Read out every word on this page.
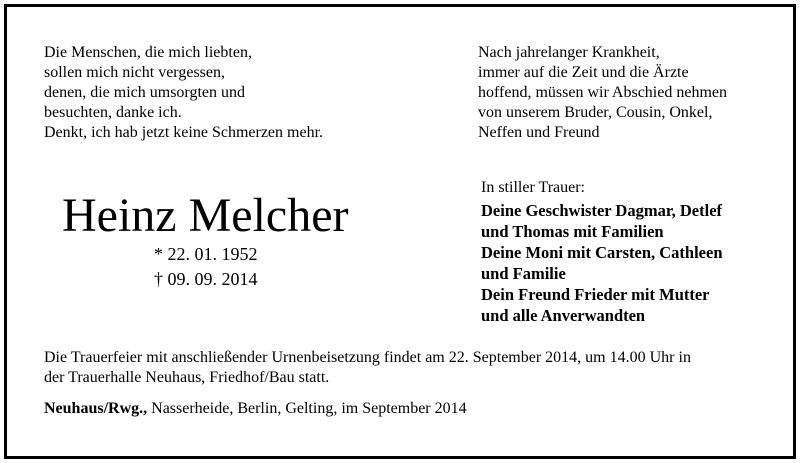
Die Menschen, die mich liebten,
sollen mich nicht vergessen,
denen, die mich umsorgten und
besuchten, danke ich.
Denkt, ich hab jetzt keine Schmerzen mehr.
Nach jahrelanger Krankheit,
immer auf die Zeit und die Ärzte
hoffend, müssen wir Abschied nehmen
von unserem Bruder, Cousin, Onkel,
Neffen und Freund
Heinz Melcher
* 22. 01. 1952
† 09. 09. 2014
In stiller Trauer:
Deine Geschwister Dagmar, Detlef
und Thomas mit Familien
Deine Moni mit Carsten, Cathleen
und Familie
Dein Freund Frieder mit Mutter
und alle Anverwandten
Die Trauerfeier mit anschließender Urnenbeisetzung findet am 22. September 2014, um 14.00 Uhr in
der Trauerhalle Neuhaus, Friedhof/Bau statt.
Neuhaus/Rwg., Nasserheide, Berlin, Gelting, im September 2014
